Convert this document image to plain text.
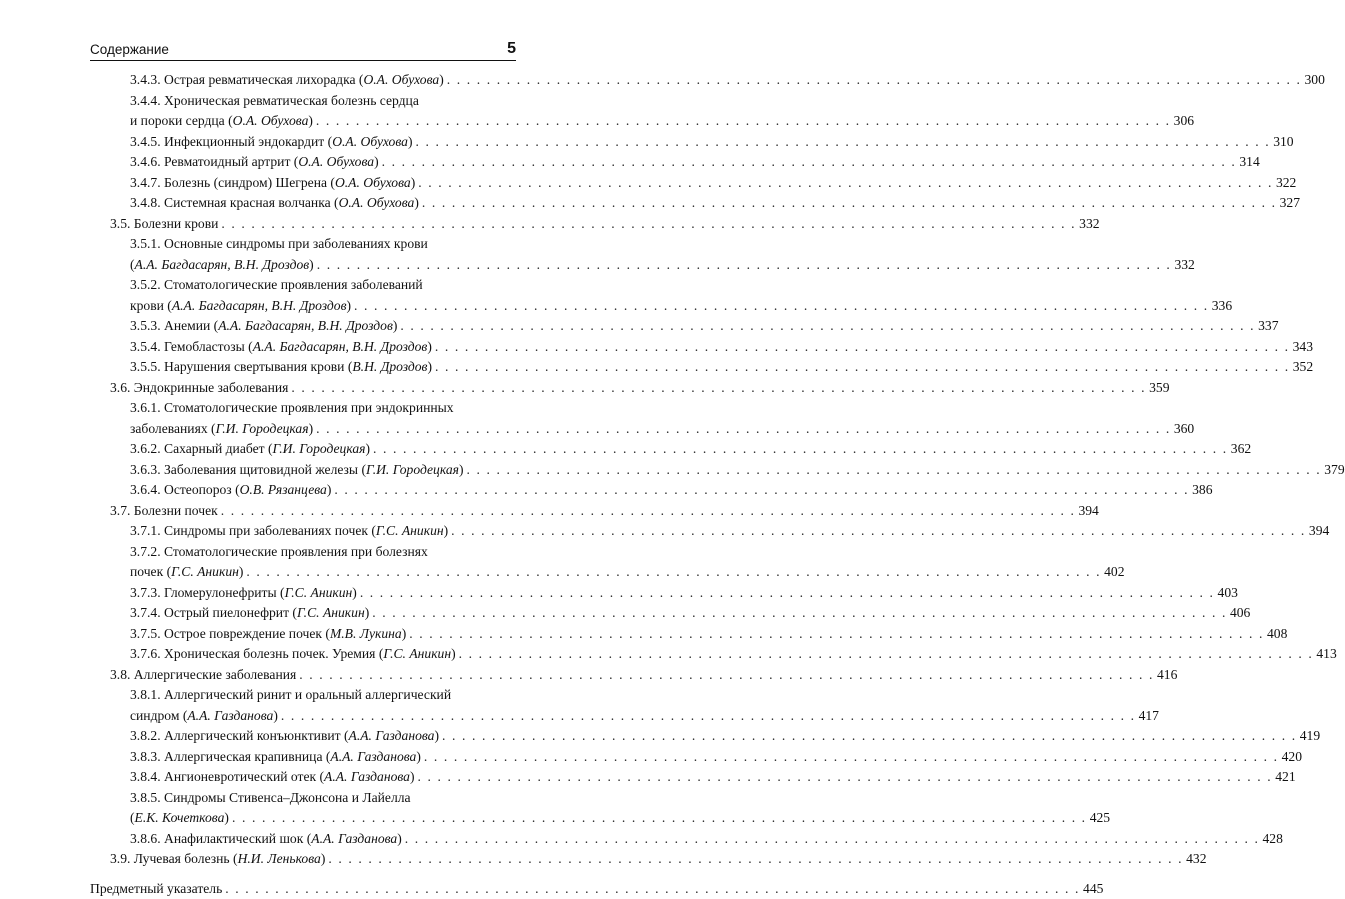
Содержание	5
3.4.3. Острая ревматическая лихорадка (О.А. Обухова) . . . . . . . . . . . . . . . . . . . . . . . . . . . . . . . . . . . . . . . . . . . . . . . . . . . . . . . . . . . . . . . . . . . . . . . . . . . . . . . . . . . . . . 300
3.4.4. Хроническая ревматическая болезнь сердца
и пороки сердца (О.А. Обухова) . . . . . . . . . . . . . . . . . . . . . . . . . . . . . . . . . . . . . . . . . . . . . . . . . . . . . . . . . . . . . . . . . . . . . . . . . . . . . . . . . . . . . . 306
3.4.5. Инфекционный эндокардит (О.А. Обухова) . . . . . . . . . . . . . . . . . . . . . . . . . . . . . . . . . . . . . . . . . . . . . . . . . . . . . . . . . . . . . . . . . . . . . . . . . . . . . . . . . . . . . . 310
3.4.6. Ревматоидный артрит (О.А. Обухова) . . . . . . . . . . . . . . . . . . . . . . . . . . . . . . . . . . . . . . . . . . . . . . . . . . . . . . . . . . . . . . . . . . . . . . . . . . . . . . . . . . . . . . 314
3.4.7. Болезнь (синдром) Шегрена (О.А. Обухова) . . . . . . . . . . . . . . . . . . . . . . . . . . . . . . . . . . . . . . . . . . . . . . . . . . . . . . . . . . . . . . . . . . . . . . . . . . . . . . . . . . . . . . 322
3.4.8. Системная красная волчанка (О.А. Обухова) . . . . . . . . . . . . . . . . . . . . . . . . . . . . . . . . . . . . . . . . . . . . . . . . . . . . . . . . . . . . . . . . . . . . . . . . . . . . . . . . . . . . . . 327
3.5. Болезни крови . . . . . . . . . . . . . . . . . . . . . . . . . . . . . . . . . . . . . . . . . . . . . . . . . . . . . . . . . . . . . . . . . . . . . . . . . . . . . . . . . . . . . . 332
3.5.1. Основные синдромы при заболеваниях крови
(А.А. Багдасарян, В.Н. Дроздов) . . . . . . . . . . . . . . . . . . . . . . . . . . . . . . . . . . . . . . . . . . . . . . . . . . . . . . . . . . . . . . . . . . . . . . . . . . . . . . . . . . . . . . 332
3.5.2. Стоматологические проявления заболеваний
крови (А.А. Багдасарян, В.Н. Дроздов) . . . . . . . . . . . . . . . . . . . . . . . . . . . . . . . . . . . . . . . . . . . . . . . . . . . . . . . . . . . . . . . . . . . . . . . . . . . . . . . . . . . . . . 336
3.5.3. Анемии (А.А. Багдасарян, В.Н. Дроздов) . . . . . . . . . . . . . . . . . . . . . . . . . . . . . . . . . . . . . . . . . . . . . . . . . . . . . . . . . . . . . . . . . . . . . . . . . . . . . . . . . . . . . . 337
3.5.4. Гемобластозы (А.А. Багдасарян, В.Н. Дроздов) . . . . . . . . . . . . . . . . . . . . . . . . . . . . . . . . . . . . . . . . . . . . . . . . . . . . . . . . . . . . . . . . . . . . . . . . . . . . . . . . . . . . . . 343
3.5.5. Нарушения свертывания крови (В.Н. Дроздов) . . . . . . . . . . . . . . . . . . . . . . . . . . . . . . . . . . . . . . . . . . . . . . . . . . . . . . . . . . . . . . . . . . . . . . . . . . . . . . . . . . . . . . 352
3.6. Эндокринные заболевания . . . . . . . . . . . . . . . . . . . . . . . . . . . . . . . . . . . . . . . . . . . . . . . . . . . . . . . . . . . . . . . . . . . . . . . . . . . . . . . . . . . . . . 359
3.6.1. Стоматологические проявления при эндокринных
заболеваниях (Г.И. Городецкая) . . . . . . . . . . . . . . . . . . . . . . . . . . . . . . . . . . . . . . . . . . . . . . . . . . . . . . . . . . . . . . . . . . . . . . . . . . . . . . . . . . . . . . 360
3.6.2. Сахарный диабет (Г.И. Городецкая) . . . . . . . . . . . . . . . . . . . . . . . . . . . . . . . . . . . . . . . . . . . . . . . . . . . . . . . . . . . . . . . . . . . . . . . . . . . . . . . . . . . . . . 362
3.6.3. Заболевания щитовидной железы (Г.И. Городецкая) . . . . . . . . . . . . . . . . . . . . . . . . . . . . . . . . . . . . . . . . . . . . . . . . . . . . . . . . . . . . . . . . . . . . . . . . . . . . . . . . . . . . . . 379
3.6.4. Остеопороз (О.В. Рязанцева) . . . . . . . . . . . . . . . . . . . . . . . . . . . . . . . . . . . . . . . . . . . . . . . . . . . . . . . . . . . . . . . . . . . . . . . . . . . . . . . . . . . . . . 386
3.7. Болезни почек . . . . . . . . . . . . . . . . . . . . . . . . . . . . . . . . . . . . . . . . . . . . . . . . . . . . . . . . . . . . . . . . . . . . . . . . . . . . . . . . . . . . . . 394
3.7.1. Синдромы при заболеваниях почек (Г.С. Аникин) . . . . . . . . . . . . . . . . . . . . . . . . . . . . . . . . . . . . . . . . . . . . . . . . . . . . . . . . . . . . . . . . . . . . . . . . . . . . . . . . . . . . . . 394
3.7.2. Стоматологические проявления при болезнях
почек (Г.С. Аникин) . . . . . . . . . . . . . . . . . . . . . . . . . . . . . . . . . . . . . . . . . . . . . . . . . . . . . . . . . . . . . . . . . . . . . . . . . . . . . . . . . . . . . . 402
3.7.3. Гломерулонефриты (Г.С. Аникин) . . . . . . . . . . . . . . . . . . . . . . . . . . . . . . . . . . . . . . . . . . . . . . . . . . . . . . . . . . . . . . . . . . . . . . . . . . . . . . . . . . . . . . 403
3.7.4. Острый пиелонефрит (Г.С. Аникин) . . . . . . . . . . . . . . . . . . . . . . . . . . . . . . . . . . . . . . . . . . . . . . . . . . . . . . . . . . . . . . . . . . . . . . . . . . . . . . . . . . . . . . 406
3.7.5. Острое повреждение почек (М.В. Лукина) . . . . . . . . . . . . . . . . . . . . . . . . . . . . . . . . . . . . . . . . . . . . . . . . . . . . . . . . . . . . . . . . . . . . . . . . . . . . . . . . . . . . . . 408
3.7.6. Хроническая болезнь почек. Уремия (Г.С. Аникин) . . . . . . . . . . . . . . . . . . . . . . . . . . . . . . . . . . . . . . . . . . . . . . . . . . . . . . . . . . . . . . . . . . . . . . . . . . . . . . . . . . . . . . 413
3.8. Аллергические заболевания . . . . . . . . . . . . . . . . . . . . . . . . . . . . . . . . . . . . . . . . . . . . . . . . . . . . . . . . . . . . . . . . . . . . . . . . . . . . . . . . . . . . . . 416
3.8.1. Аллергический ринит и оральный аллергический
синдром (А.А. Газданова) . . . . . . . . . . . . . . . . . . . . . . . . . . . . . . . . . . . . . . . . . . . . . . . . . . . . . . . . . . . . . . . . . . . . . . . . . . . . . . . . . . . . . . 417
3.8.2. Аллергический конъюнктивит (А.А. Газданова) . . . . . . . . . . . . . . . . . . . . . . . . . . . . . . . . . . . . . . . . . . . . . . . . . . . . . . . . . . . . . . . . . . . . . . . . . . . . . . . . . . . . . . 419
3.8.3. Аллергическая крапивница (А.А. Газданова) . . . . . . . . . . . . . . . . . . . . . . . . . . . . . . . . . . . . . . . . . . . . . . . . . . . . . . . . . . . . . . . . . . . . . . . . . . . . . . . . . . . . . . 420
3.8.4. Ангионевротический отек (А.А. Газданова) . . . . . . . . . . . . . . . . . . . . . . . . . . . . . . . . . . . . . . . . . . . . . . . . . . . . . . . . . . . . . . . . . . . . . . . . . . . . . . . . . . . . . . 421
3.8.5. Синдромы Стивенса–Джонсона и Лайелла
(Е.К. Кочеткова) . . . . . . . . . . . . . . . . . . . . . . . . . . . . . . . . . . . . . . . . . . . . . . . . . . . . . . . . . . . . . . . . . . . . . . . . . . . . . . . . . . . . . . 425
3.8.6. Анафилактический шок (А.А. Газданова) . . . . . . . . . . . . . . . . . . . . . . . . . . . . . . . . . . . . . . . . . . . . . . . . . . . . . . . . . . . . . . . . . . . . . . . . . . . . . . . . . . . . . . 428
3.9. Лучевая болезнь (Н.И. Ленькова) . . . . . . . . . . . . . . . . . . . . . . . . . . . . . . . . . . . . . . . . . . . . . . . . . . . . . . . . . . . . . . . . . . . . . . . . . . . . . . . . . . . . . . 432
Предметный указатель . . . . . . . . . . . . . . . . . . . . . . . . . . . . . . . . . . . . . . . . . . . . . . . . . . . . . . . . . . . . . . . . . . . . . . . . . . . . . . . . . . . . . . 445
